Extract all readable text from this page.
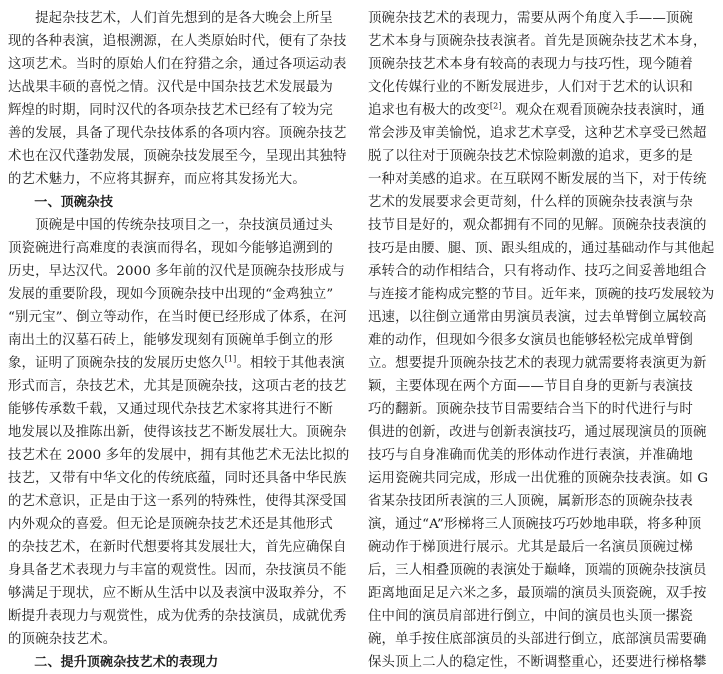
　　提起杂技艺术，人们首先想到的是各大晚会上所呈
现的各种表演，追根溯源，在人类原始时代，便有了杂技
这项艺术。当时的原始人们在狩猎之余，通过各项运动表
达战果丰硕的喜悦之情。汉代是中国杂技艺术发展最为
辉煌的时期，同时汉代的各项杂技艺术已经有了较为完
善的发展，具备了现代杂技体系的各项内容。顶碗杂技艺
术也在汉代蓬勃发展，顶碗杂技发展至今，呈现出其独特
的艺术魅力，不应将其摒弃，而应将其发扬光大。
　　一、顶碗杂技
　　顶碗是中国的传统杂技项目之一，杂技演员通过头
顶瓷碗进行高难度的表演而得名，现如今能够追溯到的
历史，早达汉代。2000 多年前的汉代是顶碗杂技形成与
发展的重要阶段，现如今顶碗杂技中出现的“金鸡独立”
“别元宝”、倒立等动作，在当时便已经形成了体系，在河
南出土的汉墓石砖上，能够发现刻有顶碗单手倒立的形
象，证明了顶碗杂技的发展历史悠久[1]。相较于其他表演
形式而言，杂技艺术，尤其是顶碗杂技，这项古老的技艺
能够传承数千载，又通过现代杂技艺术家将其进行不断
地发展以及推陈出新，使得该技艺不断发展壮大。顶碗杂
技艺术在 2000 多年的发展中，拥有其他艺术无法比拟的
技艺，又带有中华文化的传统底蕴，同时还具备中华民族
的艺术意识，正是由于这一系列的特殊性，使得其深受国
内外观众的喜爱。但无论是顶碗杂技艺术还是其他形式
的杂技艺术，在新时代想要将其发展壮大，首先应确保自
身具备艺术表现力与丰富的观赏性。因而，杂技演员不能
够满足于现状，应不断从生活中以及表演中汲取养分，不
断提升表现力与观赏性，成为优秀的杂技演员，成就优秀
的顶碗杂技艺术。
　　二、提升顶碗杂技艺术的表现力
顶碗杂技艺术的表现力，需要从两个角度入手——顶碗
艺术本身与顶碗杂技表演者。首先是顶碗杂技艺术本身，
顶碗杂技艺术本身有较高的表现力与技巧性，现今随着
文化传媒行业的不断发展进步，人们对于艺术的认识和
追求也有极大的改变[2]。观众在观看顶碗杂技表演时，通
常会涉及审美愉悦，追求艺术享受，这种艺术享受已然超
脱了以往对于顶碗杂技艺术惊险刺激的追求，更多的是
一种对美感的追求。在互联网不断发展的当下，对于传统
艺术的发展要求会更苛刻，什么样的顶碗杂技表演与杂
技节目是好的，观众都拥有不同的见解。顶碗杂技表演的
技巧是由腰、腿、顶、跟头组成的，通过基础动作与其他起
承转合的动作相结合，只有将动作、技巧之间妥善地组合
与连接才能构成完整的节目。近年来，顶碗的技巧发展较为
迅速，以往倒立通常由男演员表演，过去单臂倒立属较高
难的动作，但现如今很多女演员也能够轻松完成单臂倒
立。想要提升顶碗杂技艺术的表现力就需要将表演更为新
颖，主要体现在两个方面——节目自身的更新与表演技
巧的翻新。顶碗杂技节目需要结合当下的时代进行与时
俱进的创新，改进与创新表演技巧，通过展现演员的顶碗
技巧与自身准确而优美的形体动作进行表演，并准确地
运用瓷碗共同完成，形成一出优雅的顶碗杂技表演。如 G
省某杂技团所表演的三人顶碗，属新形态的顶碗杂技表
演，通过“A”形梯将三人顶碗技巧巧妙地串联，将多种顶
碗动作于梯顶进行展示。尤其是最后一名演员顶碗过梯
后，三人相叠顶碗的表演处于巅峰，顶端的顶碗杂技演员
距离地面足足六米之多，最顶端的演员头顶瓷碗，双手按
住中间的演员肩部进行倒立，中间的演员也头顶一摞瓷
碗，单手按住底部演员的头部进行倒立，底部演员需要确
保头顶上二人的稳定性，不断调整重心，还要进行梯格攀
